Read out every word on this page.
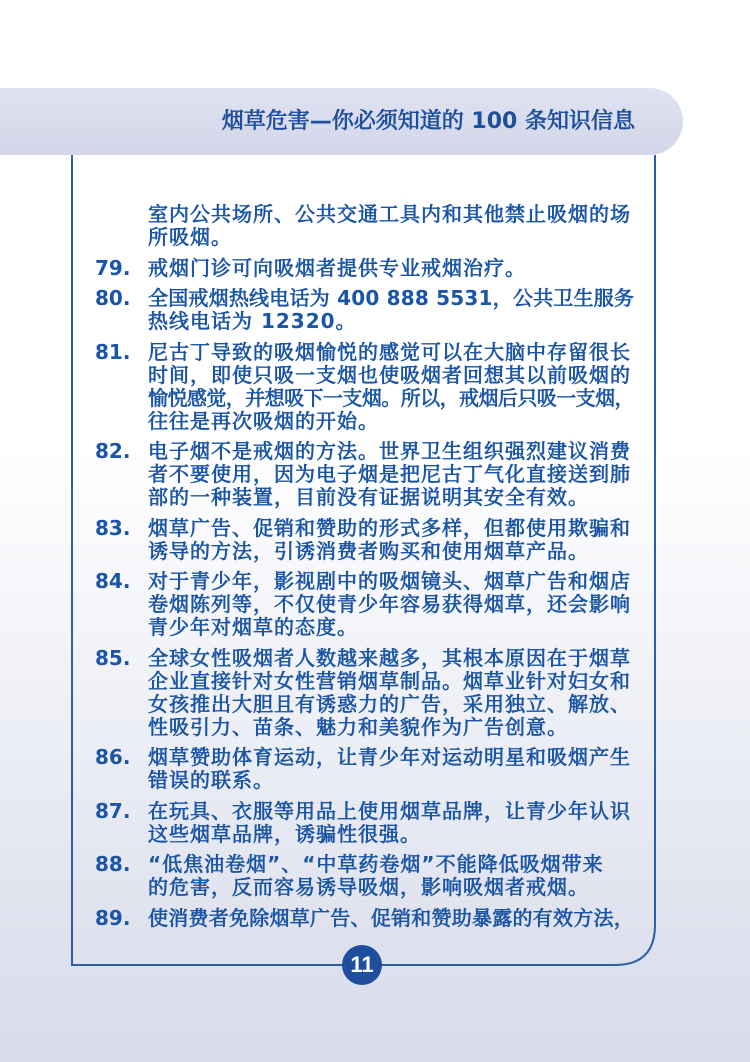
烟草危害—你必须知道的 100 条知识信息
室内公共场所、公共交通工具内和其他禁止吸烟的场
所吸烟。
79. 戒烟门诊可向吸烟者提供专业戒烟治疗。
80. 全国戒烟热线电话为 400 888 5531，公共卫生服务
热线电话为 12320。
81. 尼古丁导致的吸烟愉悦的感觉可以在大脑中存留很长
时间，即使只吸一支烟也使吸烟者回想其以前吸烟的
愉悦感觉，并想吸下一支烟。所以，戒烟后只吸一支烟，
往往是再次吸烟的开始。
82. 电子烟不是戒烟的方法。世界卫生组织强烈建议消费
者不要使用，因为电子烟是把尼古丁气化直接送到肺
部的一种装置，目前没有证据说明其安全有效。
83. 烟草广告、促销和赞助的形式多样，但都使用欺骗和
诱导的方法，引诱消费者购买和使用烟草产品。
84. 对于青少年，影视剧中的吸烟镜头、烟草广告和烟店
卷烟陈列等，不仅使青少年容易获得烟草，还会影响
青少年对烟草的态度。
85. 全球女性吸烟者人数越来越多，其根本原因在于烟草
企业直接针对女性营销烟草制品。烟草业针对妇女和
女孩推出大胆且有诱惑力的广告，采用独立、解放、
性吸引力、苗条、魅力和美貌作为广告创意。
86. 烟草赞助体育运动，让青少年对运动明星和吸烟产生
错误的联系。
87. 在玩具、衣服等用品上使用烟草品牌，让青少年认识
这些烟草品牌，诱骗性很强。
88. “低焦油卷烟”、“中草药卷烟”不能降低吸烟带来
的危害，反而容易诱导吸烟，影响吸烟者戒烟。
89. 使消费者免除烟草广告、促销和赞助暴露的有效方法，
11
